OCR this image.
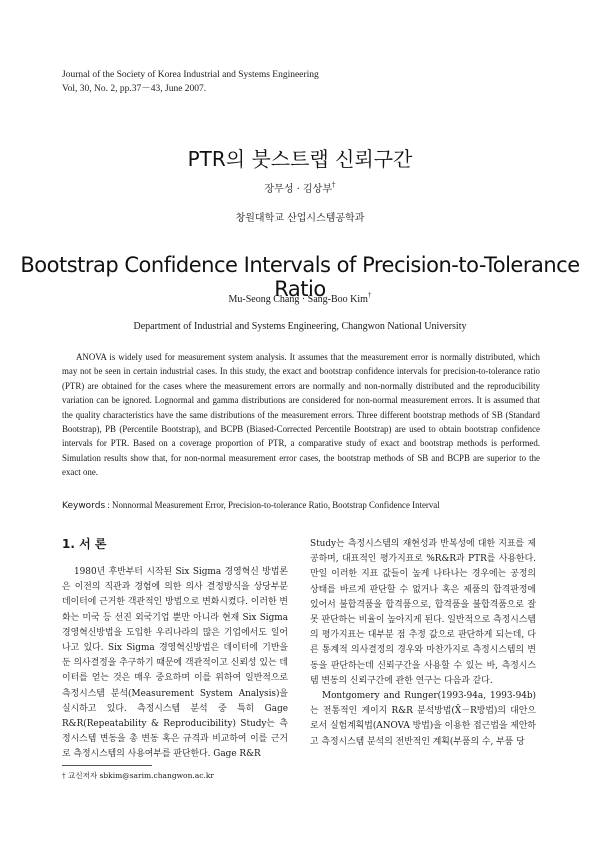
Journal of the Society of Korea Industrial and Systems Engineering
Vol, 30, No. 2, pp.37－43, June 2007.
PTR의 붓스트랩 신뢰구간
장무성 · 김상부†
창원대학교 산업시스템공학과
Bootstrap Confidence Intervals of Precision-to-Tolerance Ratio
Mu-Seong Chang · Sang-Boo Kim†
Department of Industrial and Systems Engineering, Changwon National University
ANOVA is widely used for measurement system analysis. It assumes that the measurement error is normally distributed, which may not be seen in certain industrial cases. In this study, the exact and bootstrap confidence intervals for precision-to-tolerance ratio (PTR) are obtained for the cases where the measurement errors are normally and non-normally distributed and the reproducibility variation can be ignored. Lognormal and gamma distributions are considered for non-normal measurement errors. It is assumed that the quality characteristics have the same distributions of the measurement errors. Three different bootstrap methods of SB (Standard Bootstrap), PB (Percentile Bootstrap), and BCPB (Biased-Corrected Percentile Bootstrap) are used to obtain bootstrap confidence intervals for PTR. Based on a coverage proportion of PTR, a comparative study of exact and bootstrap methods is performed. Simulation results show that, for non-normal measurement error cases, the bootstrap methods of SB and BCPB are superior to the exact one.
Keywords : Nonnormal Measurement Error, Precision-to-tolerance Ratio, Bootstrap Confidence Interval
1. 서 론

1980년 후반부터 시작된 Six Sigma 경영혁신 방법론은 이전의 직관과 경험에 의한 의사 결정방식을 상당부분 데이터에 근거한 객관적인 방법으로 변화시켰다. 이러한 변화는 미국 등 선진 외국기업 뿐만 아니라 현재 Six Sigma 경영혁신방법을 도입한 우리나라의 많은 기업에서도 일어나고 있다. Six Sigma 경영혁신방법은 데이터에 기반을 둔 의사결정을 추구하기 때문에 객관적이고 신뢰성 있는 데이터를 얻는 것은 매우 중요하며 이를 위하여 일반적으로 측정시스템 분석(Measurement System Analysis)을 실시하고 있다. 측정시스템 분석 중 특히 Gage R&R(Repeatability & Reproducibility) Study는 측정시스템 변동을 총 변동 혹은 규격과 비교하여 이를 근거로 측정시스템의 사용여부를 판단한다. Gage R&R

Study는 측정시스템의 재현성과 반복성에 대한 지표를 제공하며, 대표적인 평가지표로 %R&R과 PTR를 사용한다. 만일 이러한 지표 값들이 높게 나타나는 경우에는 공정의 상태를 바르게 판단할 수 없거나 혹은 제품의 합격판정에 있어서 불합격품을 합격품으로, 합격품을 불합격품으로 잘못 판단하는 비율이 높아지게 된다. 일반적으로 측정시스템의 평가지표는 대부분 점 추정 값으로 판단하게 되는데, 다른 통계적 의사결정의 경우와 마찬가지로 측정시스템의 변동을 판단하는데 신뢰구간을 사용할 수 있는 바, 측정시스템 변동의 신뢰구간에 관한 연구는 다음과 같다.

Montgomery and Runger(1993-94a, 1993-94b)는 전통적인 게이지 R&R 분석방법(X̄－R방법)의 대안으로서 실험계획법(ANOVA 방법)을 이용한 접근법을 제안하고 측정시스템 분석의 전반적인 계획(부품의 수, 부품 당

† 교신저자 sbkim@sarim.changwon.ac.kr
